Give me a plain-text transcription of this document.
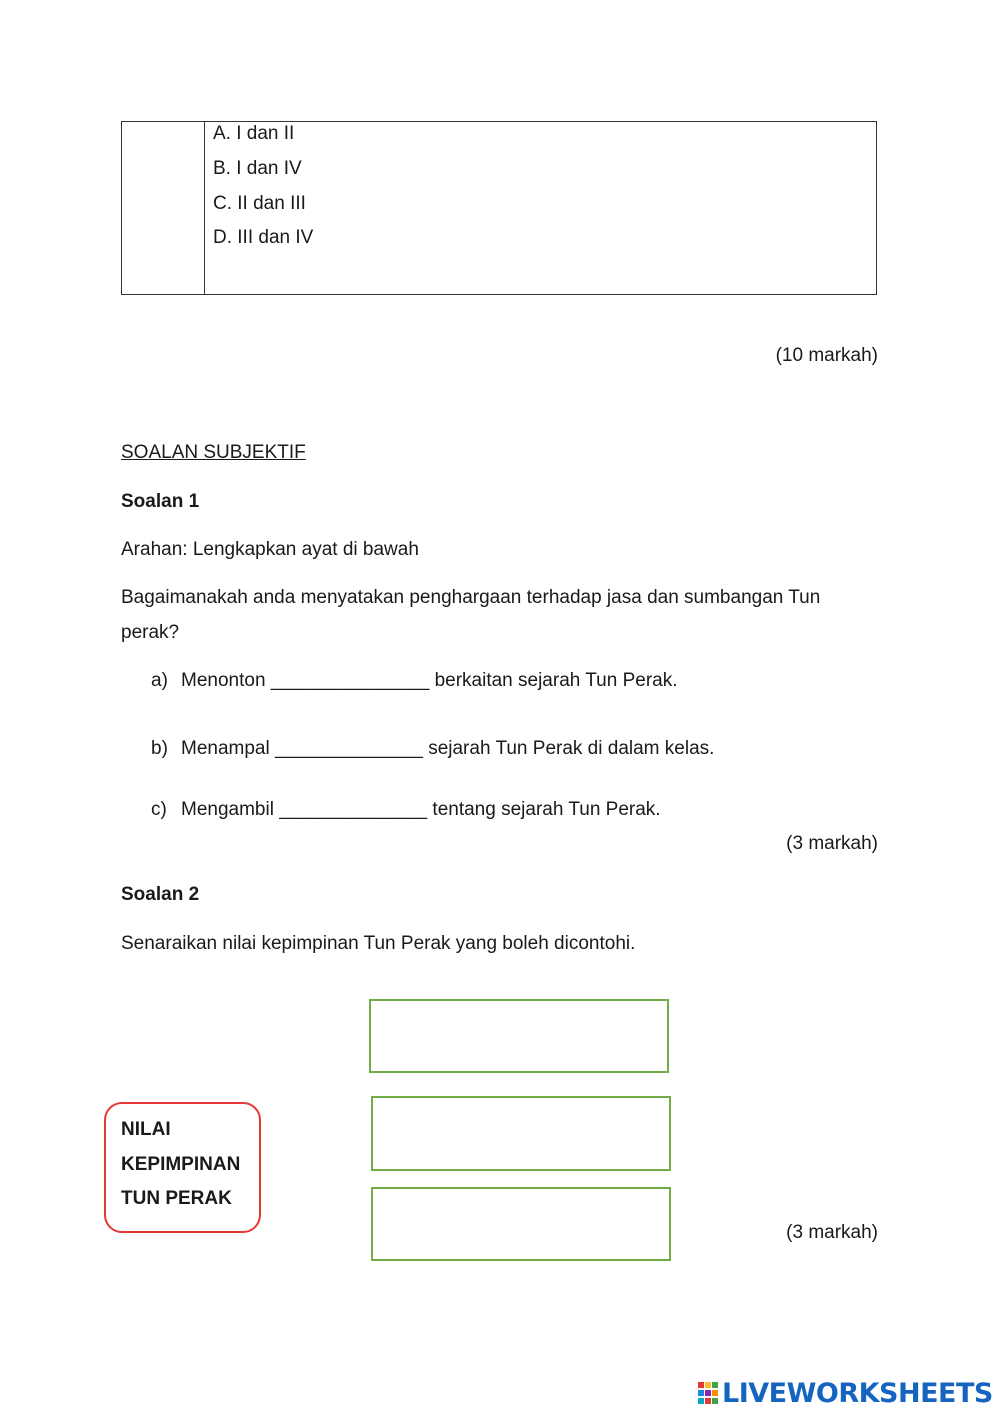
A. I dan II
B. I dan IV
C. II dan III
D. III dan IV
(10 markah)
SOALAN SUBJEKTIF
Soalan 1
Arahan: Lengkapkan ayat di bawah
Bagaimanakah anda menyatakan penghargaan terhadap jasa dan sumbangan Tun
perak?
a) Menonton _______________ berkaitan sejarah Tun Perak.
b) Menampal ______________ sejarah Tun Perak di dalam kelas.
c) Mengambil ______________ tentang sejarah Tun Perak.
(3 markah)
Soalan 2
Senaraikan nilai kepimpinan Tun Perak yang boleh dicontohi.
NILAI
KEPIMPINAN
TUN PERAK
(3 markah)
LIVEWORKSHEETS
